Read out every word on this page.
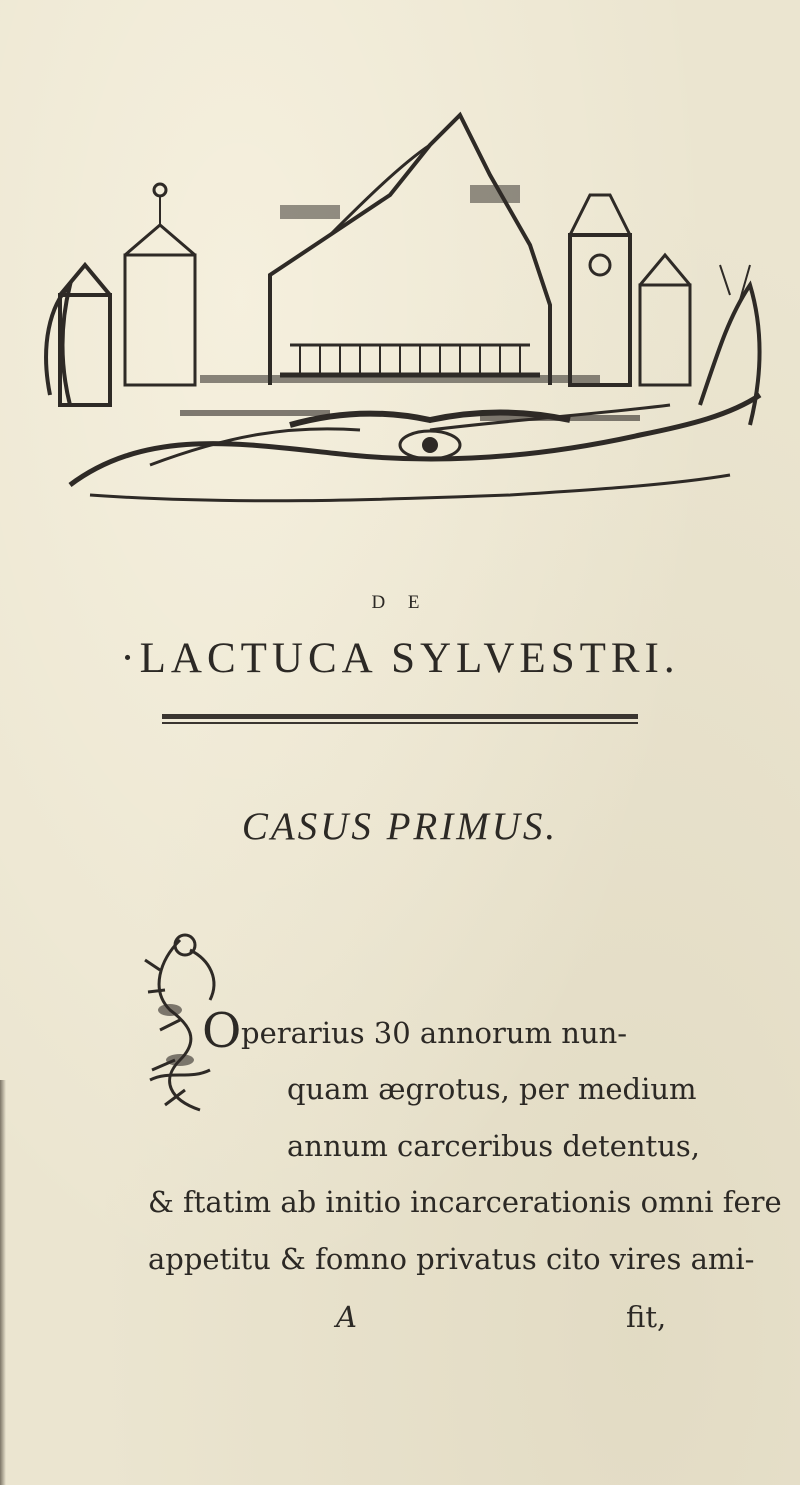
D E
·LACTUCA SYLVESTRI.
CASUS PRIMUS.
O perarius 30 annorum nun-
quam ægrotus, per medium
annum carceribus detentus,
& ftatim ab initio incarcerationis omni fere
appetitu & fomno privatus cito vires ami-
A	fit,
